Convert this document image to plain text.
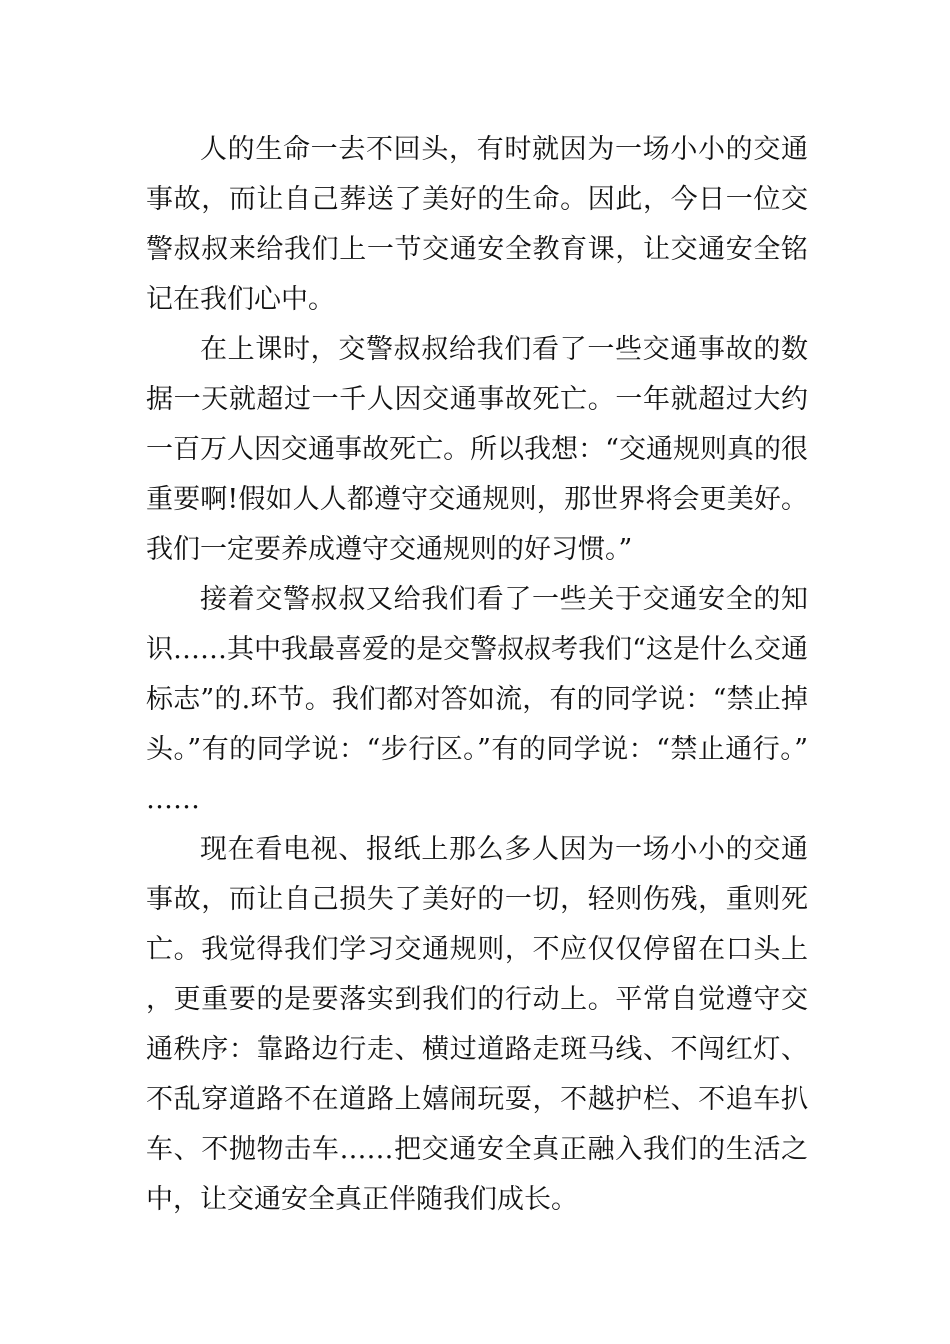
人的生命一去不回头，有时就因为一场小小的交通事故，而让自己葬送了美好的生命。因此，今日一位交警叔叔来给我们上一节交通安全教育课，让交通安全铭记在我们心中。

在上课时，交警叔叔给我们看了一些交通事故的数据一天就超过一千人因交通事故死亡。一年就超过大约一百万人因交通事故死亡。所以我想：“交通规则真的很重要啊!假如人人都遵守交通规则，那世界将会更美好。我们一定要养成遵守交通规则的好习惯。”

接着交警叔叔又给我们看了一些关于交通安全的知识……其中我最喜爱的是交警叔叔考我们“这是什么交通标志”的.环节。我们都对答如流，有的同学说：“禁止掉头。”有的同学说：“步行区。”有的同学说：“禁止通行。”……

现在看电视、报纸上那么多人因为一场小小的交通事故，而让自己损失了美好的一切，轻则伤残，重则死亡。我觉得我们学习交通规则，不应仅仅停留在口头上，更重要的是要落实到我们的行动上。平常自觉遵守交通秩序：靠路边行走、横过道路走斑马线、不闯红灯、不乱穿道路不在道路上嬉闹玩耍，不越护栏、不追车扒车、不抛物击车……把交通安全真正融入我们的生活之中，让交通安全真正伴随我们成长。
